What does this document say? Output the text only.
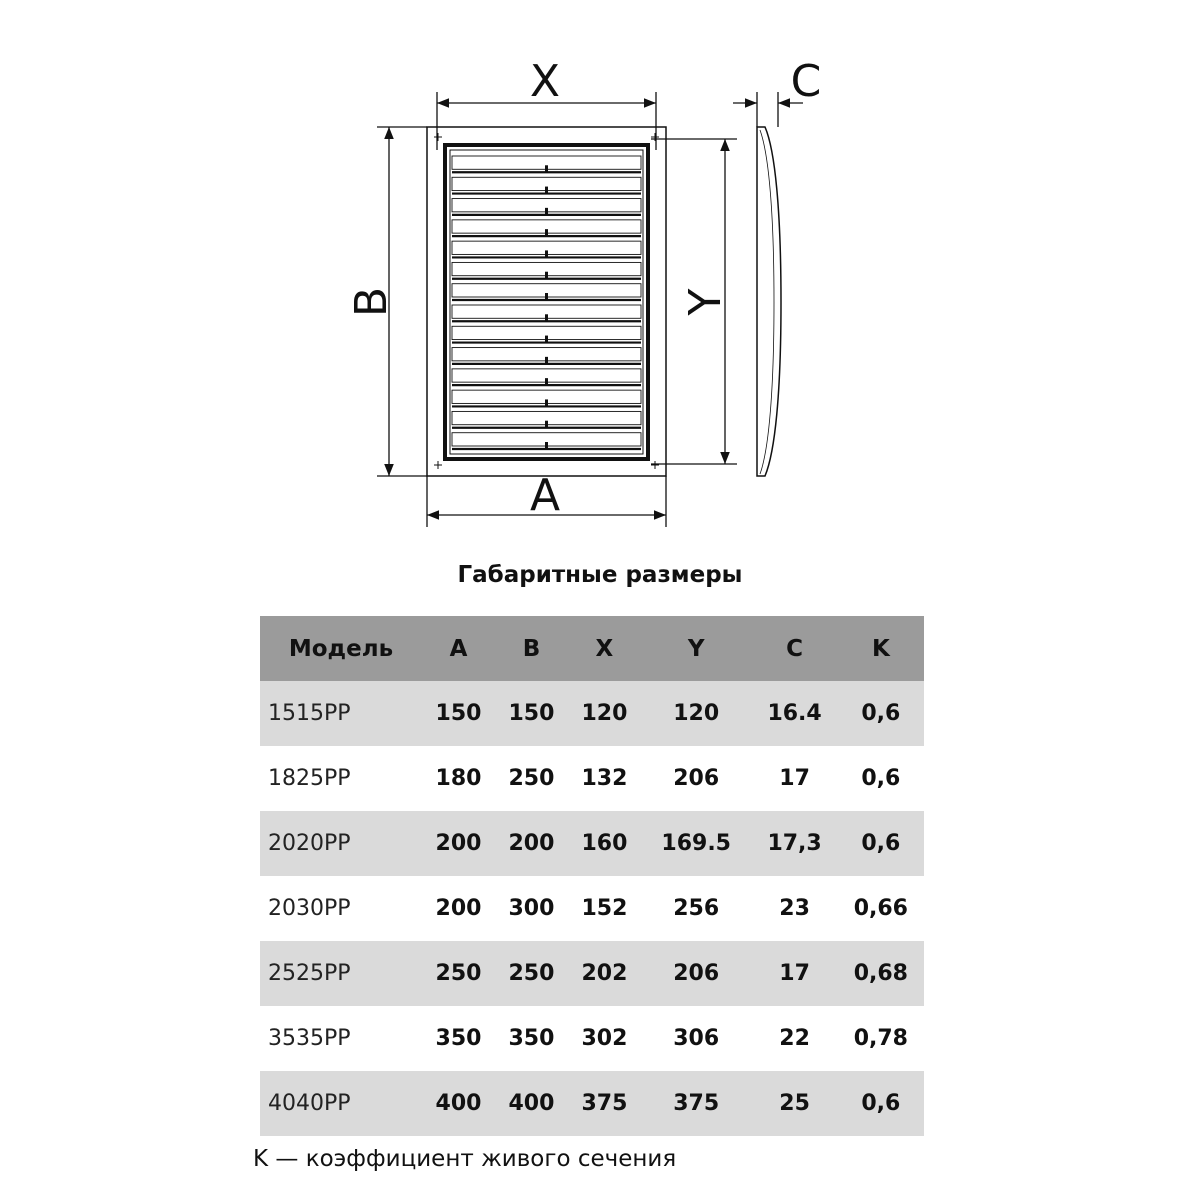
X
A
B	Y
C
Габаритные размеры
Модель	A	B	X	Y	C	K
1515PP	150	150	120	120	16.4	0,6
1825PP	180	250	132	206	17	0,6
2020PP	200	200	160	169.5	17,3	0,6
2030PP	200	300	152	256	23	0,66
2525PP	250	250	202	206	17	0,68
3535PP	350	350	302	306	22	0,78
4040PP	400	400	375	375	25	0,6
K — коэффициент живого сечения
